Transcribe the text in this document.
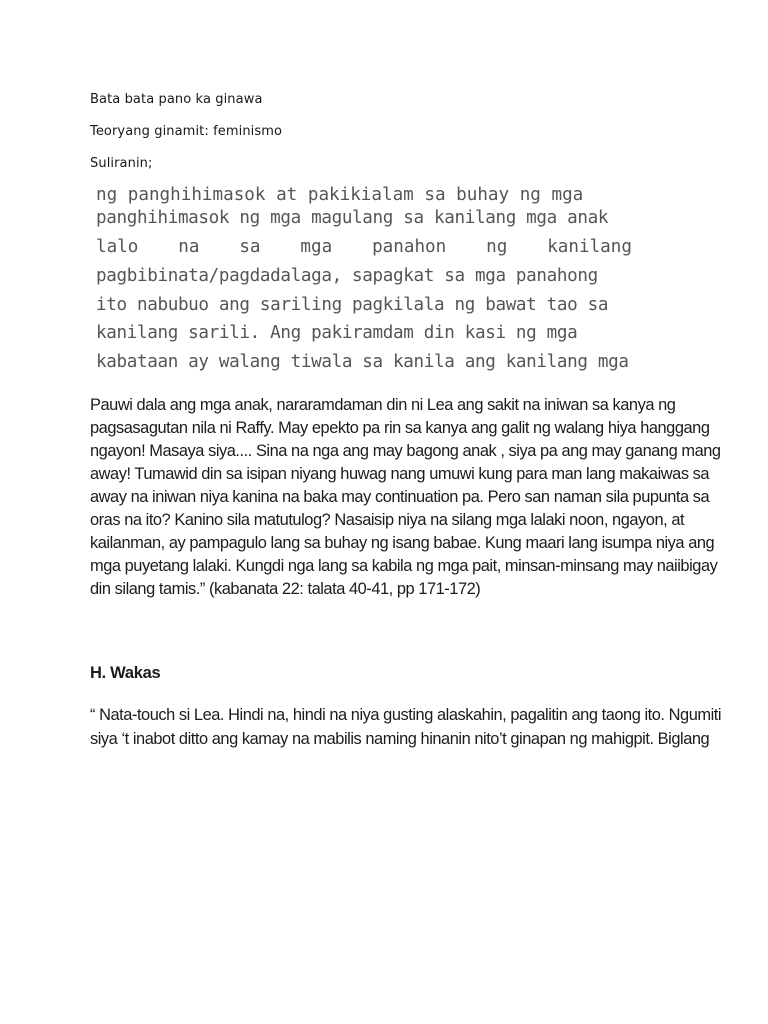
Bata bata pano ka ginawa
Teoryang ginamit: feminismo
Suliranin;
ng panghihimasok at pakikialam sa buhay ng mga
panghihimasok ng mga magulang sa kanilang mga anak
lalo na sa mga panahon ng kanilang
pagbibinata/pagdadalaga, sapagkat sa mga panahong
ito nabubuo ang sariling pagkilala ng bawat tao sa
kanilang sarili. Ang pakiramdam din kasi ng mga
kabataan ay walang tiwala sa kanila ang kanilang mga
Pauwi dala ang mga anak, nararamdaman din ni Lea ang sakit na iniwan sa kanya ng
pagsasagutan nila ni Raffy. May epekto pa rin sa kanya ang galit ng walang hiya hanggang
ngayon! Masaya siya.... Sina na nga ang may bagong anak , siya pa ang may ganang mang
away! Tumawid din sa isipan niyang huwag nang umuwi kung para man lang makaiwas sa
away na iniwan niya kanina na baka may continuation pa. Pero san naman sila pupunta sa
oras na ito? Kanino sila matutulog? Nasaisip niya na silang mga lalaki noon, ngayon, at
kailanman, ay pampagulo lang sa buhay ng isang babae. Kung maari lang isumpa niya ang
mga puyetang lalaki. Kungdi nga lang sa kabila ng mga pait, minsan-minsang may naiibigay
din silang tamis.” (kabanata 22: talata 40-41, pp 171-172)
H. Wakas
“ Nata-touch si Lea. Hindi na, hindi na niya gusting alaskahin, pagalitin ang taong ito. Ngumiti
siya ‘t inabot ditto ang kamay na mabilis naming hinanin nito’t ginapan ng mahigpit. Biglang
